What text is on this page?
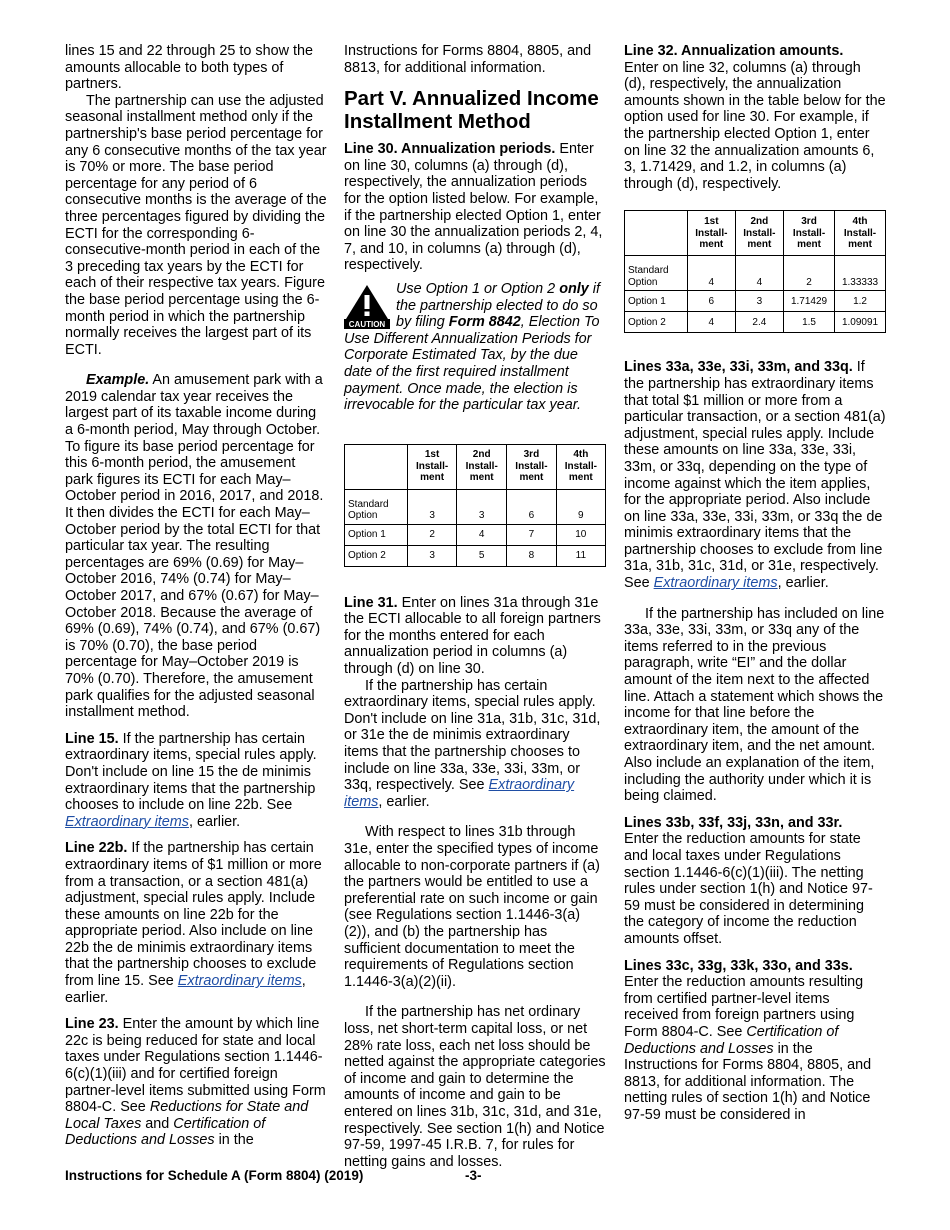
lines 15 and 22 through 25 to show the amounts allocable to both types of partners.

The partnership can use the adjusted seasonal installment method only if the partnership's base period percentage for any 6 consecutive months of the tax year is 70% or more. The base period percentage for any period of 6 consecutive months is the average of the three percentages figured by dividing the ECTI for the corresponding 6-consecutive-month period in each of the 3 preceding tax years by the ECTI for each of their respective tax years. Figure the base period percentage using the 6-month period in which the partnership normally receives the largest part of its ECTI.

Example. An amusement park with a 2019 calendar tax year receives the largest part of its taxable income during a 6-month period, May through October. To figure its base period percentage for this 6-month period, the amusement park figures its ECTI for each May–October period in 2016, 2017, and 2018. It then divides the ECTI for each May–October period by the total ECTI for that particular tax year. The resulting percentages are 69% (0.69) for May–October 2016, 74% (0.74) for May–October 2017, and 67% (0.67) for May–October 2018. Because the average of 69% (0.69), 74% (0.74), and 67% (0.67) is 70% (0.70), the base period percentage for May–October 2019 is 70% (0.70). Therefore, the amusement park qualifies for the adjusted seasonal installment method.

Line 15. If the partnership has certain extraordinary items, special rules apply. Don't include on line 15 the de minimis extraordinary items that the partnership chooses to include on line 22b. See Extraordinary items, earlier.

Line 22b. If the partnership has certain extraordinary items of $1 million or more from a transaction, or a section 481(a) adjustment, special rules apply. Include these amounts on line 22b for the appropriate period. Also include on line 22b the de minimis extraordinary items that the partnership chooses to exclude from line 15. See Extraordinary items, earlier.

Line 23. Enter the amount by which line 22c is being reduced for state and local taxes under Regulations section 1.1446-6(c)(1)(iii) and for certified foreign partner-level items submitted using Form 8804-C. See Reductions for State and Local Taxes and Certification of Deductions and Losses in the

Instructions for Forms 8804, 8805, and 8813, for additional information.

Part V. Annualized Income Installment Method

Line 30. Annualization periods. Enter on line 30, columns (a) through (d), respectively, the annualization periods for the option listed below. For example, if the partnership elected Option 1, enter on line 30 the annualization periods 2, 4, 7, and 10, in columns (a) through (d), respectively.

CAUTION
Use Option 1 or Option 2 only if the partnership elected to do so by filing Form 8842, Election To Use Different Annualization Periods for Corporate Estimated Tax, by the due date of the first required installment payment. Once made, the election is irrevocable for the particular tax year.
	1st Install-ment	2nd Install-ment	3rd Install-ment	4th Install-ment
Standard Option	3	3	6	9
Option 1	2	4	7	10
Option 2	3	5	8	11

Line 31. Enter on lines 31a through 31e the ECTI allocable to all foreign partners for the months entered for each annualization period in columns (a) through (d) on line 30.

If the partnership has certain extraordinary items, special rules apply. Don't include on line 31a, 31b, 31c, 31d, or 31e the de minimis extraordinary items that the partnership chooses to include on line 33a, 33e, 33i, 33m, or 33q, respectively. See Extraordinary items, earlier.

With respect to lines 31b through 31e, enter the specified types of income allocable to non-corporate partners if (a) the partners would be entitled to use a preferential rate on such income or gain (see Regulations section 1.1446-3(a)(2)), and (b) the partnership has sufficient documentation to meet the requirements of Regulations section 1.1446-3(a)(2)(ii).

If the partnership has net ordinary loss, net short-term capital loss, or net 28% rate loss, each net loss should be netted against the appropriate categories of income and gain to determine the amounts of income and gain to be entered on lines 31b, 31c, 31d, and 31e, respectively. See section 1(h) and Notice 97-59, 1997-45 I.R.B. 7, for rules for netting gains and losses.

Line 32. Annualization amounts.
Enter on line 32, columns (a) through (d), respectively, the annualization amounts shown in the table below for the option used for line 30. For example, if the partnership elected Option 1, enter on line 32 the annualization amounts 6, 3, 1.71429, and 1.2, in columns (a) through (d), respectively.

	1st Install-ment	2nd Install-ment	3rd Install-ment	4th Install-ment
Standard Option	4	4	2	1.33333
Option 1	6	3	1.71429	1.2
Option 2	4	2.4	1.5	1.09091

Lines 33a, 33e, 33i, 33m, and 33q. If the partnership has extraordinary items that total $1 million or more from a particular transaction, or a section 481(a) adjustment, special rules apply. Include these amounts on line 33a, 33e, 33i, 33m, or 33q, depending on the type of income against which the item applies, for the appropriate period. Also include on line 33a, 33e, 33i, 33m, or 33q the de minimis extraordinary items that the partnership chooses to exclude from line 31a, 31b, 31c, 31d, or 31e, respectively. See Extraordinary items, earlier.

If the partnership has included on line 33a, 33e, 33i, 33m, or 33q any of the items referred to in the previous paragraph, write “EI” and the dollar amount of the item next to the affected line. Attach a statement which shows the income for that line before the extraordinary item, the amount of the extraordinary item, and the net amount. Also include an explanation of the item, including the authority under which it is being claimed.

Lines 33b, 33f, 33j, 33n, and 33r.
Enter the reduction amounts for state and local taxes under Regulations section 1.1446-6(c)(1)(iii). The netting rules under section 1(h) and Notice 97-59 must be considered in determining the category of income the reduction amounts offset.

Lines 33c, 33g, 33k, 33o, and 33s.
Enter the reduction amounts resulting from certified partner-level items received from foreign partners using Form 8804-C. See Certification of Deductions and Losses in the Instructions for Forms 8804, 8805, and 8813, for additional information. The netting rules of section 1(h) and Notice 97-59 must be considered in

Instructions for Schedule A (Form 8804) (2019)	-3-
